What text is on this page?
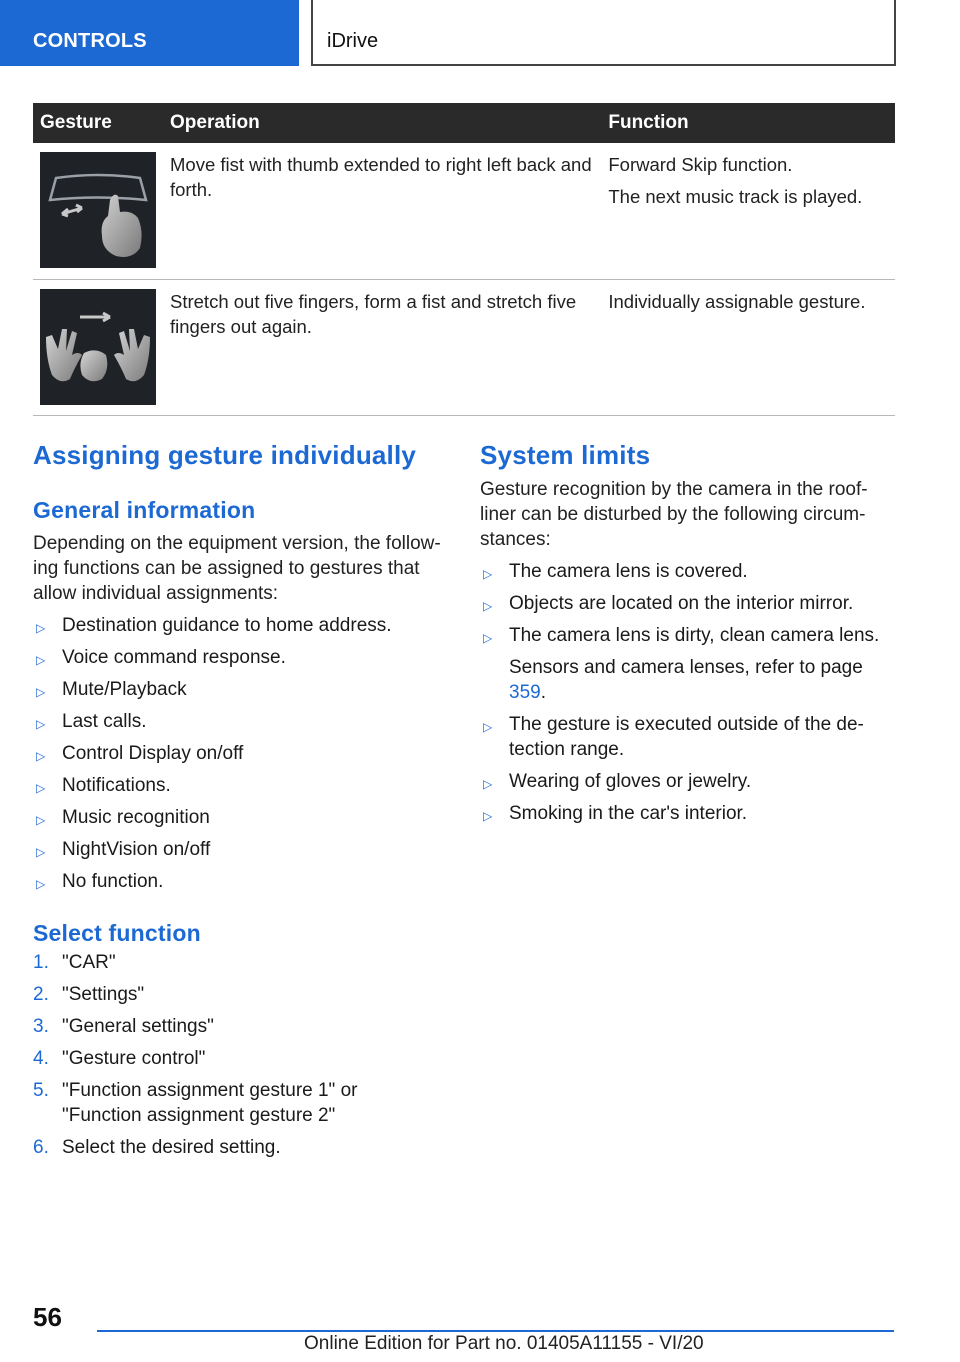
CONTROLS	iDrive
Gesture	Operation	Function

Move fist with thumb extended to right left back and forth.	Forward Skip function.

The next music track is played.

Stretch out five fingers, form a fist and stretch five fingers out again.	Individually assignable gesture.

Assigning gesture individually
General information
Depending on the equipment version, the follow-ing functions can be assigned to gestures that allow individual assignments:
▷ Destination guidance to home address.
▷ Voice command response.
▷ Mute/Playback
▷ Last calls.
▷ Control Display on/off
▷ Notifications.
▷ Music recognition
▷ NightVision on/off
▷ No function.
Select function
1. "CAR"
2. "Settings"
3. "General settings"
4. "Gesture control"
5. "Function assignment gesture 1" or "Function assignment gesture 2"
6. Select the desired setting.
System limits
Gesture recognition by the camera in the roof-liner can be disturbed by the following circum-stances:
▷ The camera lens is covered.
▷ Objects are located on the interior mirror.
▷ The camera lens is dirty, clean camera lens.
Sensors and camera lenses, refer to page 359.
▷ The gesture is executed outside of the de-tection range.
▷ Wearing of gloves or jewelry.
▷ Smoking in the car's interior.
56
Online Edition for Part no. 01405A11155 - VI/20
